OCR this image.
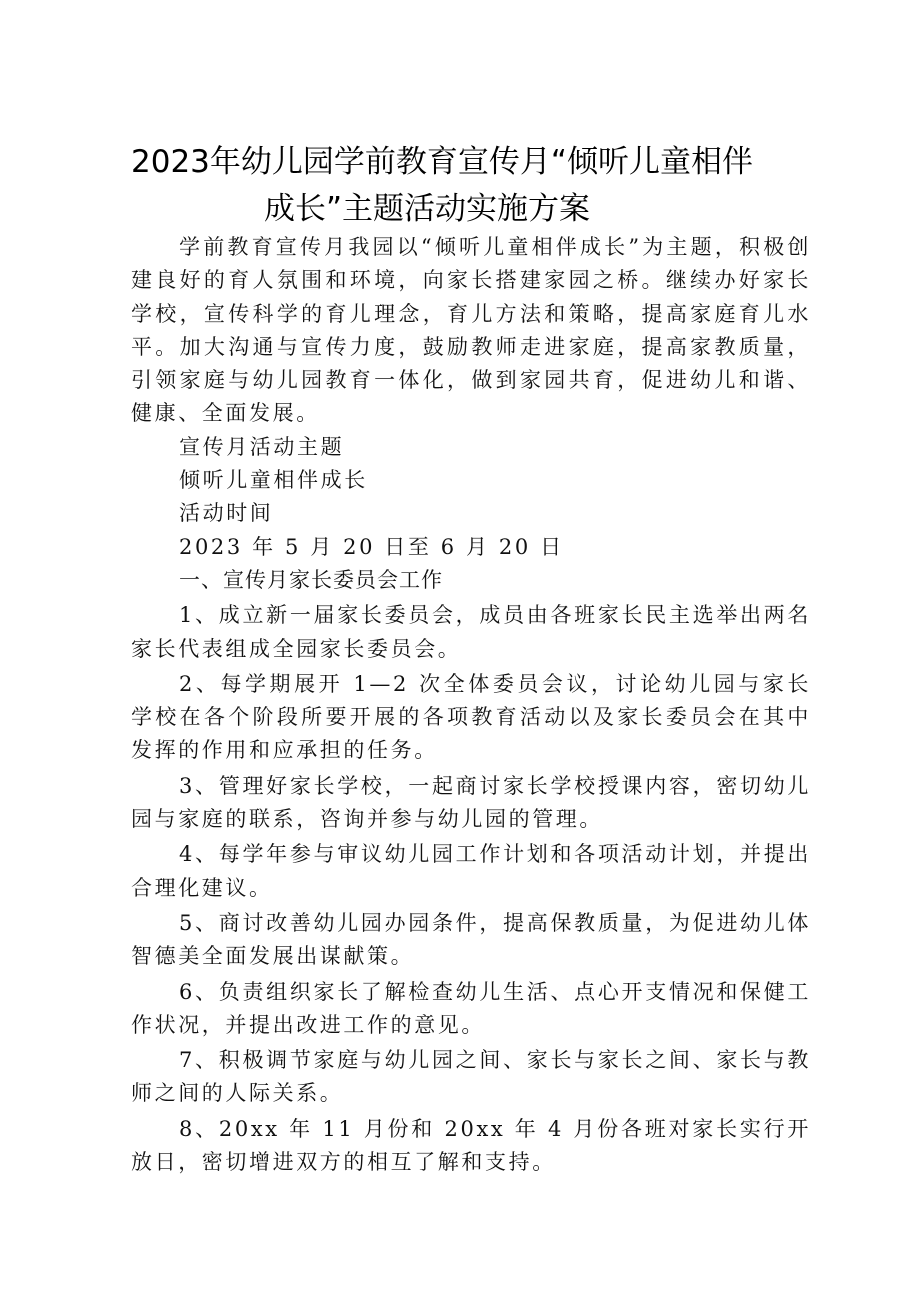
2023年幼儿园学前教育宣传月“倾听儿童相伴
成长”主题活动实施方案

学前教育宣传月我园以“倾听儿童相伴成长”为主题，积极创建良好的育人氛围和环境，向家长搭建家园之桥。继续办好家长学校，宣传科学的育儿理念，育儿方法和策略，提高家庭育儿水平。加大沟通与宣传力度，鼓励教师走进家庭，提高家教质量，引领家庭与幼儿园教育一体化，做到家园共育，促进幼儿和谐、健康、全面发展。

宣传月活动主题

倾听儿童相伴成长

活动时间

2023 年 5 月 20 日至 6 月 20 日

一、宣传月家长委员会工作

1、成立新一届家长委员会，成员由各班家长民主选举出两名家长代表组成全园家长委员会。

2、每学期展开 1—2 次全体委员会议，讨论幼儿园与家长学校在各个阶段所要开展的各项教育活动以及家长委员会在其中发挥的作用和应承担的任务。

3、管理好家长学校，一起商讨家长学校授课内容，密切幼儿园与家庭的联系，咨询并参与幼儿园的管理。

4、每学年参与审议幼儿园工作计划和各项活动计划，并提出合理化建议。

5、商讨改善幼儿园办园条件，提高保教质量，为促进幼儿体智德美全面发展出谋献策。

6、负责组织家长了解检查幼儿生活、点心开支情况和保健工作状况，并提出改进工作的意见。

7、积极调节家庭与幼儿园之间、家长与家长之间、家长与教师之间的人际关系。

8、20xx 年 11 月份和 20xx 年 4 月份各班对家长实行开放日，密切增进双方的相互了解和支持。
